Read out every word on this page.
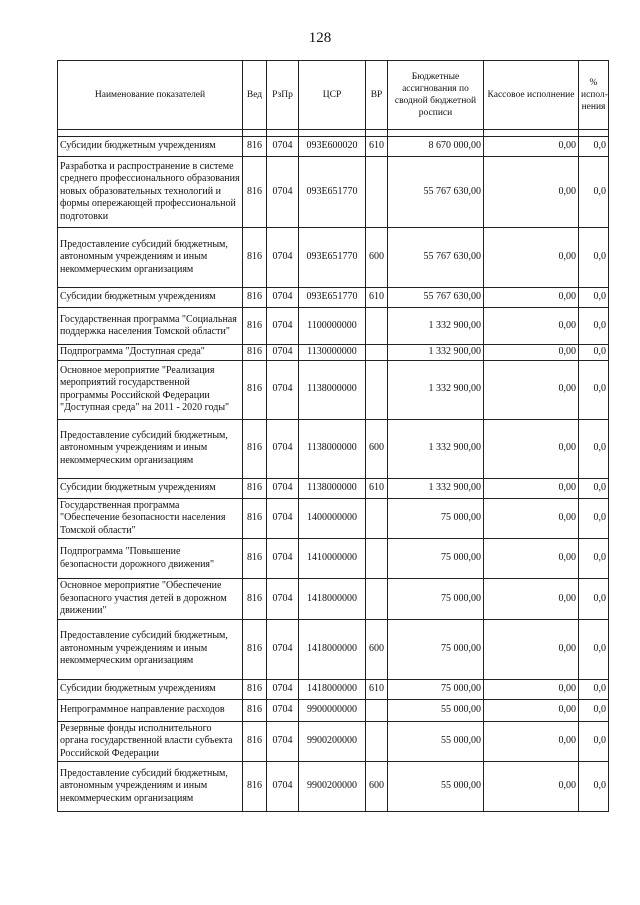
128
Наименование показателей	Вед	РзПр	ЦСР	ВР	Бюджетные ассигнования по сводной бюджетной росписи	Кассовое исполнение	% испол-нения

Субсидии бюджетным учреждениям	816	0704	093E600020	610	8 670 000,00	0,00	0,0
Разработка и распространение в системе среднего профессионального образования новых образовательных технологий и формы опережающей профессиональной подготовки	816	0704	093E651770		55 767 630,00	0,00	0,0
Предоставление субсидий бюджетным, автономным учреждениям и иным некоммерческим организациям	816	0704	093E651770	600	55 767 630,00	0,00	0,0
Субсидии бюджетным учреждениям	816	0704	093E651770	610	55 767 630,00	0,00	0,0
Государственная программа "Социальная поддержка населения Томской области"	816	0704	1100000000		1 332 900,00	0,00	0,0
Подпрограмма "Доступная среда"	816	0704	1130000000		1 332 900,00	0,00	0,0
Основное мероприятие "Реализация мероприятий государственной программы Российской Федерации "Доступная среда" на 2011 - 2020 годы"	816	0704	1138000000		1 332 900,00	0,00	0,0
Предоставление субсидий бюджетным, автономным учреждениям и иным некоммерческим организациям	816	0704	1138000000	600	1 332 900,00	0,00	0,0
Субсидии бюджетным учреждениям	816	0704	1138000000	610	1 332 900,00	0,00	0,0
Государственная программа "Обеспечение безопасности населения Томской области"	816	0704	1400000000		75 000,00	0,00	0,0
Подпрограмма "Повышение безопасности дорожного движения"	816	0704	1410000000		75 000,00	0,00	0,0
Основное мероприятие "Обеспечение безопасного участия детей в дорожном движении"	816	0704	1418000000		75 000,00	0,00	0,0
Предоставление субсидий бюджетным, автономным учреждениям и иным некоммерческим организациям	816	0704	1418000000	600	75 000,00	0,00	0,0
Субсидии бюджетным учреждениям	816	0704	1418000000	610	75 000,00	0,00	0,0
Непрограммное направление расходов	816	0704	9900000000		55 000,00	0,00	0,0
Резервные фонды исполнительного органа государственной власти субъекта Российской Федерации	816	0704	9900200000		55 000,00	0,00	0,0
Предоставление субсидий бюджетным, автономным учреждениям и иным некоммерческим организациям	816	0704	9900200000	600	55 000,00	0,00	0,0
